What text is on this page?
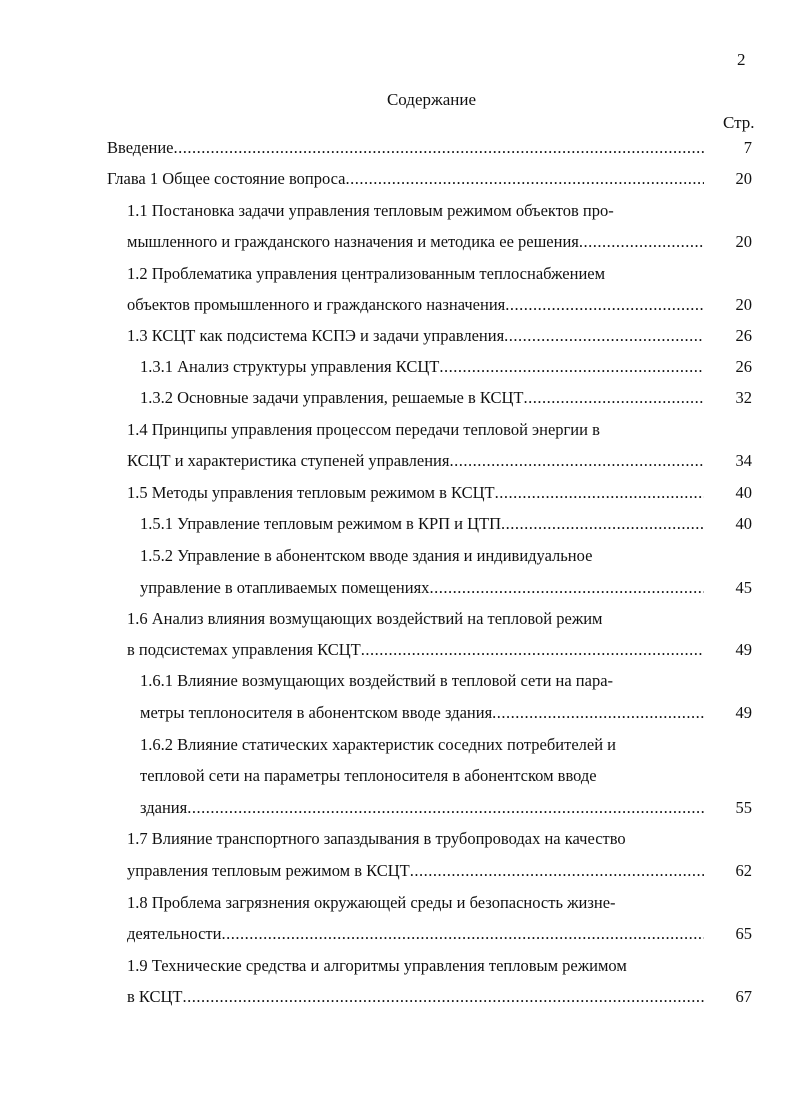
2
Содержание
Стр.
Введение .....	7
Глава 1 Общее состояние вопроса .....	20
1.1 Постановка задачи управления тепловым режимом объектов про-
мышленного и гражданского назначения и методика ее решения .....	20
1.2 Проблематика управления централизованным теплоснабжением
объектов промышленного и гражданского назначения .....	20
1.3 КСЦТ как подсистема КСПЭ и задачи управления .....	26
1.3.1 Анализ структуры управления КСЦТ .....	26
1.3.2 Основные задачи управления, решаемые в КСЦТ .....	32
1.4 Принципы управления процессом передачи тепловой энергии в
КСЦТ и характеристика ступеней управления .....	34
1.5 Методы управления тепловым режимом в КСЦТ .....	40
1.5.1 Управление тепловым режимом в КРП и ЦТП .....	40
1.5.2 Управление в абонентском вводе здания и индивидуальное
управление в отапливаемых помещениях .....	45
1.6 Анализ влияния возмущающих воздействий на тепловой режим
в подсистемах управления КСЦТ .....	49
1.6.1 Влияние возмущающих воздействий в тепловой сети на пара-
метры теплоносителя в абонентском вводе здания .....	49
1.6.2 Влияние статических характеристик соседних потребителей и
тепловой сети на параметры теплоносителя в абонентском вводе
здания .....	55
1.7 Влияние транспортного запаздывания в трубопроводах на качество
управления тепловым режимом в КСЦТ .....	62
1.8 Проблема загрязнения окружающей среды и безопасность жизне-
деятельности .....	65
1.9 Технические средства и алгоритмы управления тепловым режимом
в КСЦТ .....	67
